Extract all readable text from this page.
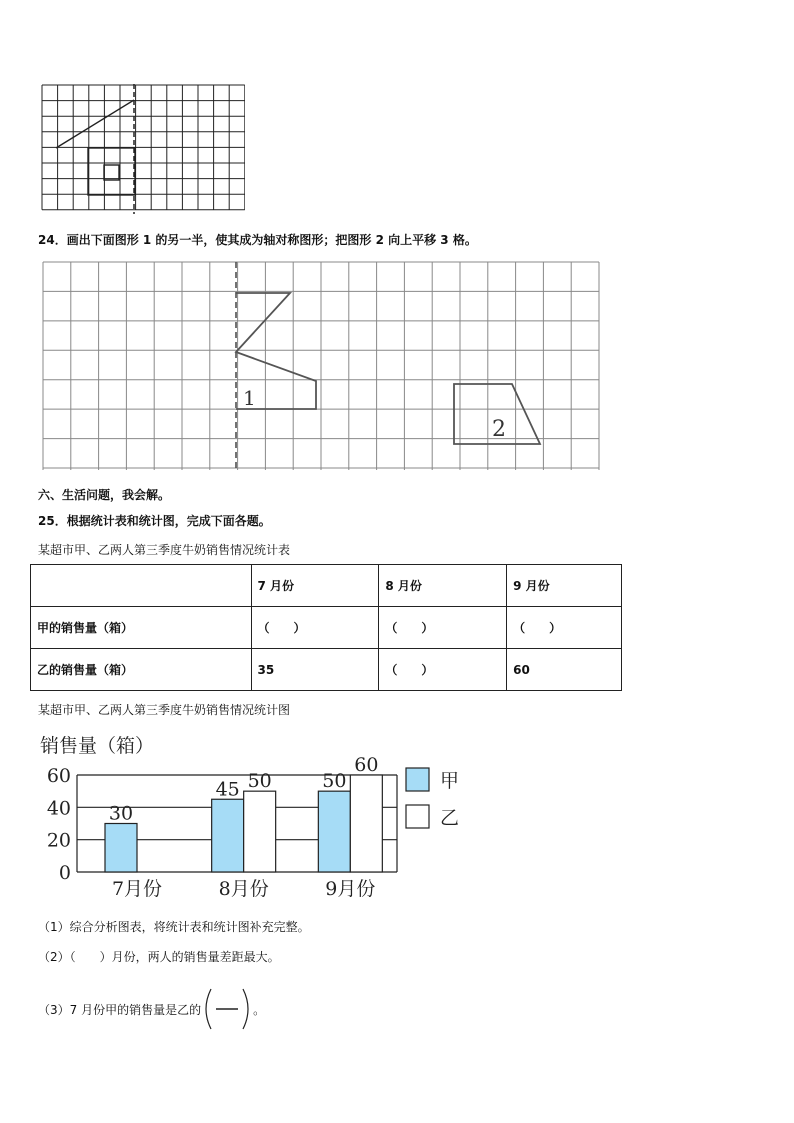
24．画出下面图形 1 的另一半，使其成为轴对称图形；把图形 2 向上平移 3 格。
1
2
六、生活问题，我会解。
25．根据统计表和统计图，完成下面各题。
某超市甲、乙两人第三季度牛奶销售情况统计表
	7 月份	8 月份	9 月份
甲的销售量（箱）	（　　）	（　　）	（　　）
乙的销售量（箱）	35	（　　）	60
某超市甲、乙两人第三季度牛奶销售情况统计图
销售量（箱）
30
45 50	50
60
0
20
40
60
7月份	8月份	9月份
甲
乙
（1）综合分析图表，将统计表和统计图补充完整。
（2）（　　）月份，两人的销售量差距最大。
（3）7 月份甲的销售量是乙的	。
